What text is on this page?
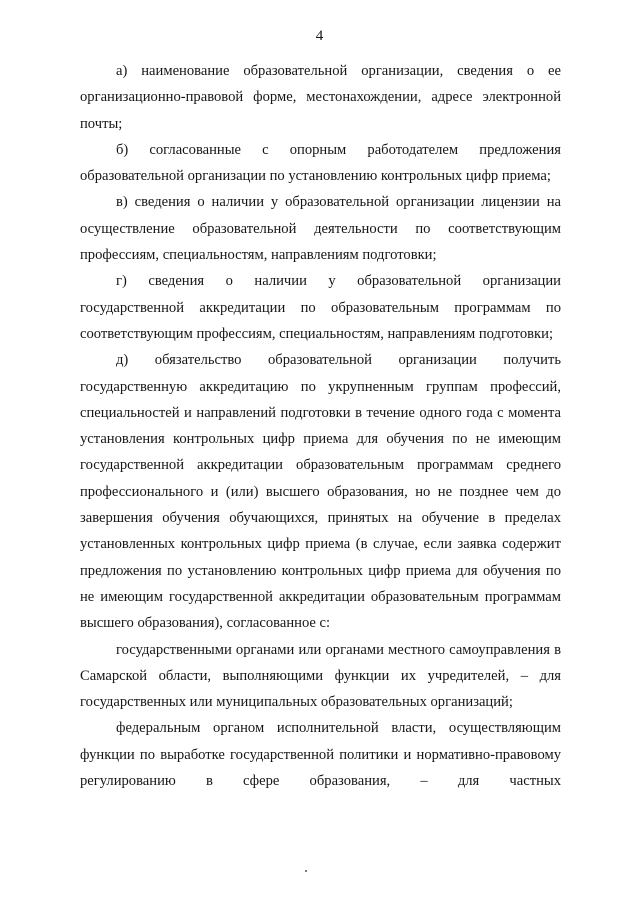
4

а) наименование образовательной организации, сведения о ее организационно-правовой форме, местонахождении, адресе электронной почты;

б) согласованные с опорным работодателем предложения образовательной организации по установлению контрольных цифр приема;

в) сведения о наличии у образовательной организации лицензии на осуществление образовательной деятельности по соответствующим профессиям, специальностям, направлениям подготовки;

г) сведения о наличии у образовательной организации государственной аккредитации по образовательным программам по соответствующим профессиям, специальностям, направлениям подготовки;

д) обязательство образовательной организации получить государственную аккредитацию по укрупненным группам профессий, специальностей и направлений подготовки в течение одного года с момента установления контрольных цифр приема для обучения по не имеющим государственной аккредитации образовательным программам среднего профессионального и (или) высшего образования, но не позднее чем до завершения обучения обучающихся, принятых на обучение в пределах установленных контрольных цифр приема (в случае, если заявка содержит предложения по установлению контрольных цифр приема для обучения по не имеющим государственной аккредитации образовательным программам высшего образования), согласованное с:

государственными органами или органами местного самоуправления в Самарской области, выполняющими функции их учредителей, – для государственных или муниципальных образовательных организаций;

федеральным органом исполнительной власти, осуществляющим функции по выработке государственной политики и нормативно-правовому регулированию в сфере образования, – для частных
